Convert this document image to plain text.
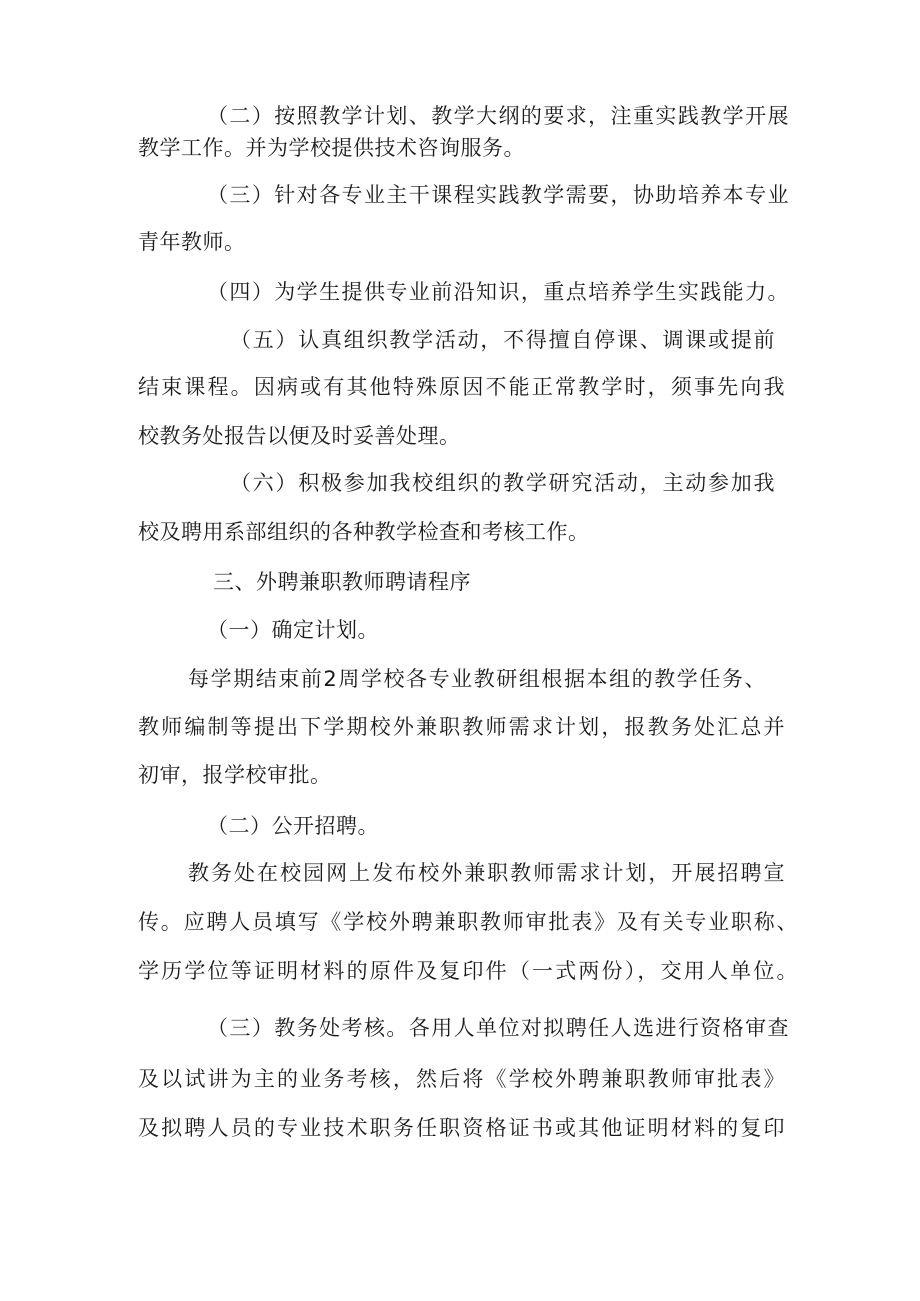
（二）按照教学计划、教学大纲的要求，注重实践教学开展
教学工作。并为学校提供技术咨询服务。
（三）针对各专业主干课程实践教学需要，协助培养本专业
青年教师。
（四）为学生提供专业前沿知识，重点培养学生实践能力。
（五）认真组织教学活动，不得擅自停课、调课或提前
结束课程。因病或有其他特殊原因不能正常教学时，须事先向我
校教务处报告以便及时妥善处理。
（六）积极参加我校组织的教学研究活动，主动参加我
校及聘用系部组织的各种教学检查和考核工作。
三、外聘兼职教师聘请程序
（一）确定计划。
每学期结束前2周学校各专业教研组根据本组的教学任务、
教师编制等提出下学期校外兼职教师需求计划，报教务处汇总并
初审，报学校审批。
（二）公开招聘。
教务处在校园网上发布校外兼职教师需求计划，开展招聘宣
传。应聘人员填写《学校外聘兼职教师审批表》及有关专业职称、
学历学位等证明材料的原件及复印件（一式两份），交用人单位。
（三）教务处考核。各用人单位对拟聘任人选进行资格审查
及以试讲为主的业务考核，然后将《学校外聘兼职教师审批表》
及拟聘人员的专业技术职务任职资格证书或其他证明材料的复印
